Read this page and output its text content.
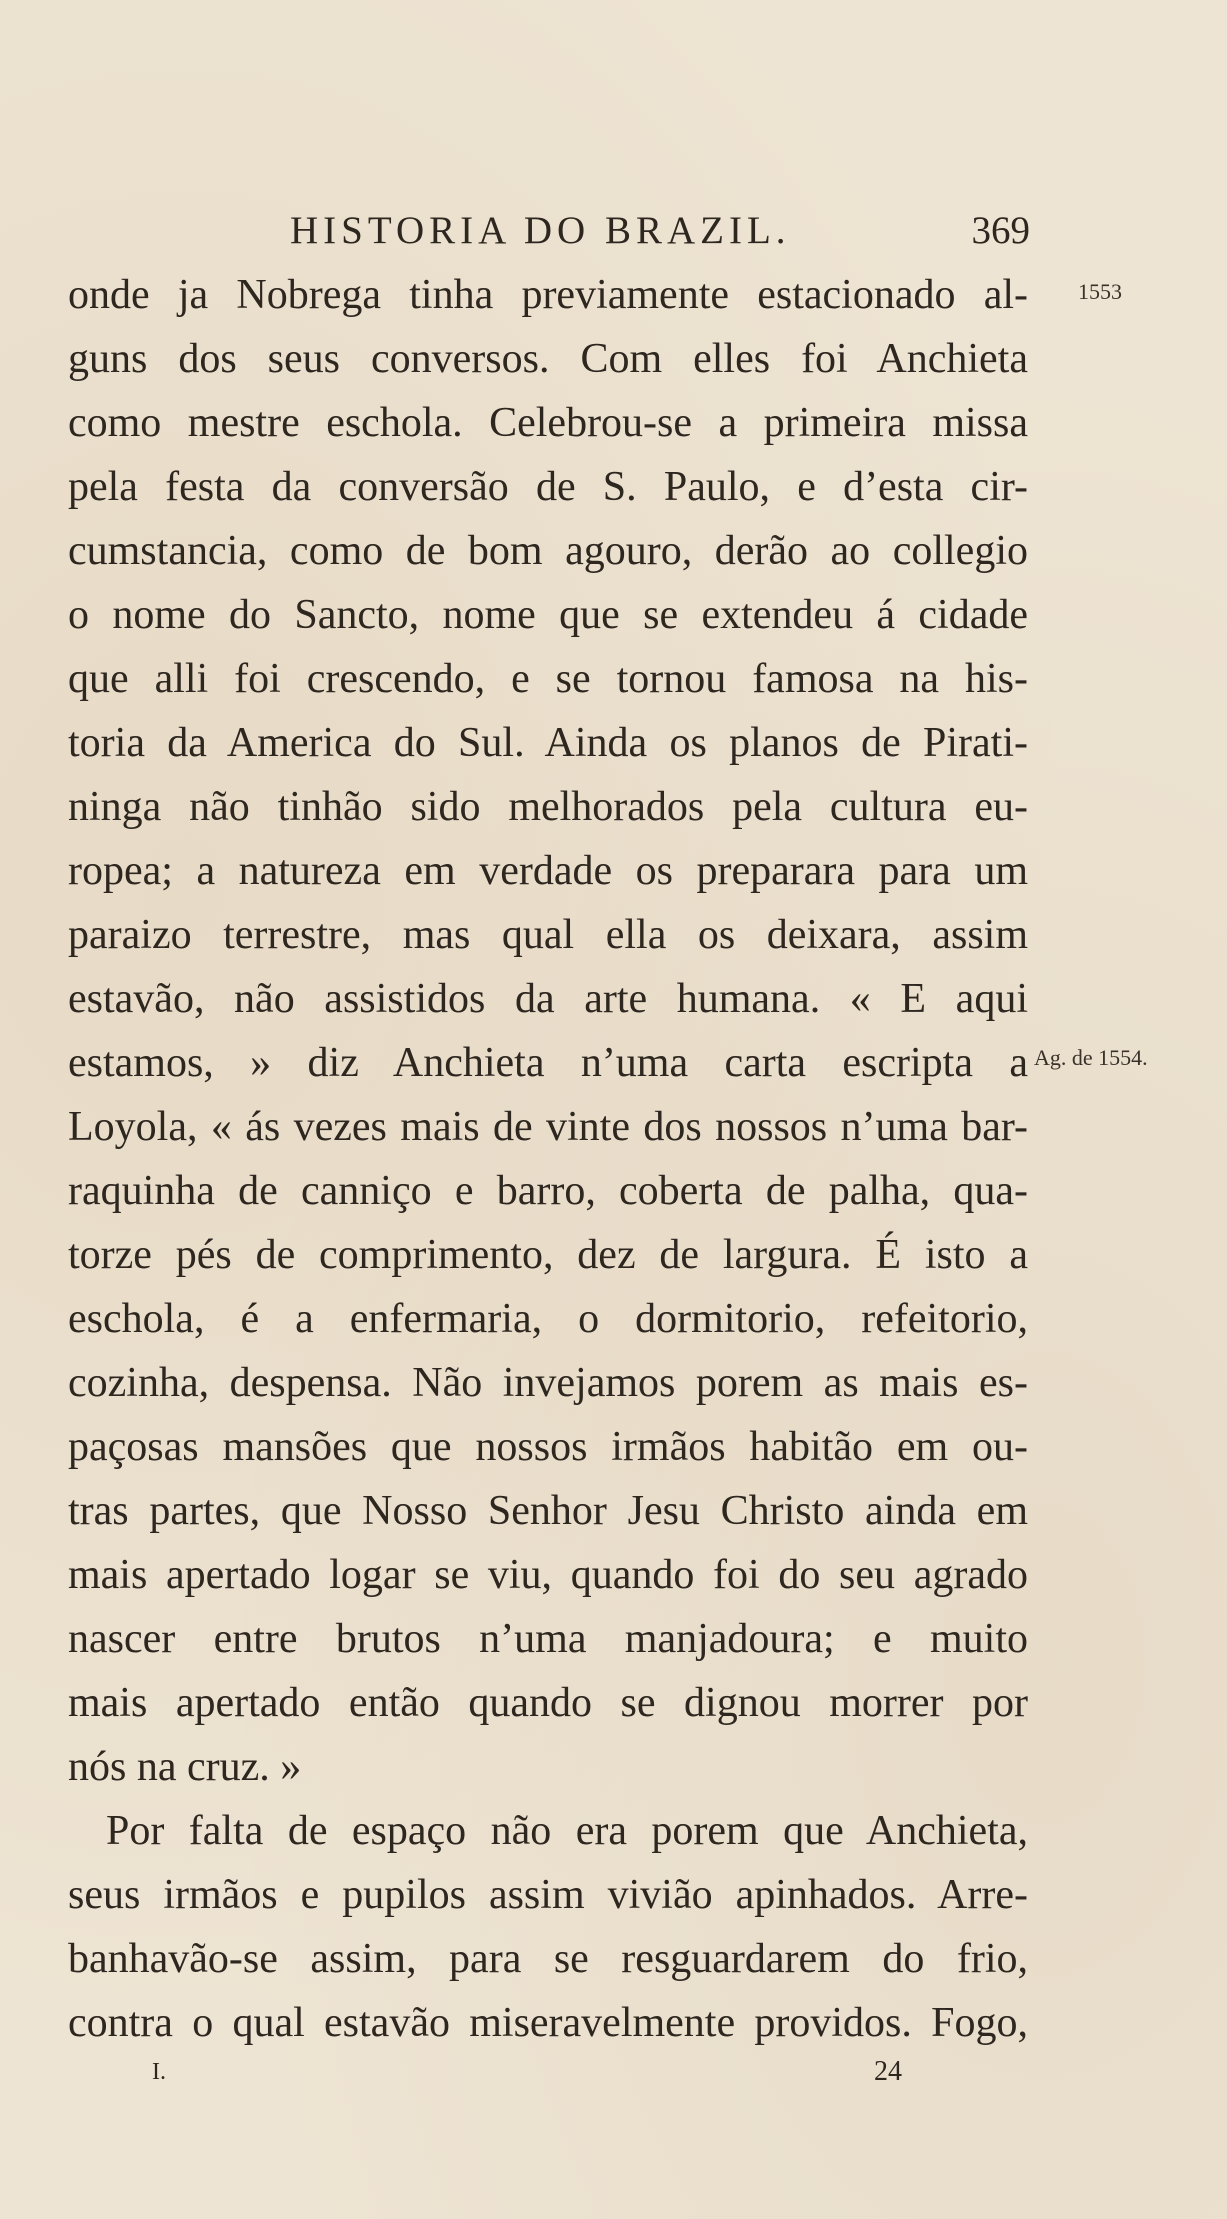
HISTORIA DO BRAZIL.	369
1553
Ag. de 1554.
onde ja Nobrega tinha previamente estacionado al-
guns dos seus conversos. Com elles foi Anchieta
como mestre eschola. Celebrou-se a primeira missa
pela festa da conversão de S. Paulo, e d’esta cir-
cumstancia, como de bom agouro, derão ao collegio
o nome do Sancto, nome que se extendeu á cidade
que alli foi crescendo, e se tornou famosa na his-
toria da America do Sul. Ainda os planos de Pirati-
ninga não tinhão sido melhorados pela cultura eu-
ropea; a natureza em verdade os preparara para um
paraizo terrestre, mas qual ella os deixara, assim
estavão, não assistidos da arte humana. « E aqui
estamos, » diz Anchieta n’uma carta escripta a
Loyola, « ás vezes mais de vinte dos nossos n’uma bar-
raquinha de canniço e barro, coberta de palha, qua-
torze pés de comprimento, dez de largura. É isto a
eschola, é a enfermaria, o dormitorio, refeitorio,
cozinha, despensa. Não invejamos porem as mais es-
paçosas mansões que nossos irmãos habitão em ou-
tras partes, que Nosso Senhor Jesu Christo ainda em
mais apertado logar se viu, quando foi do seu agrado
nascer entre brutos n’uma manjadoura; e muito
mais apertado então quando se dignou morrer por
nós na cruz. »
Por falta de espaço não era porem que Anchieta,
seus irmãos e pupilos assim vivião apinhados. Arre-
banhavão-se assim, para se resguardarem do frio,
contra o qual estavão miseravelmente providos. Fogo,
I.	24
